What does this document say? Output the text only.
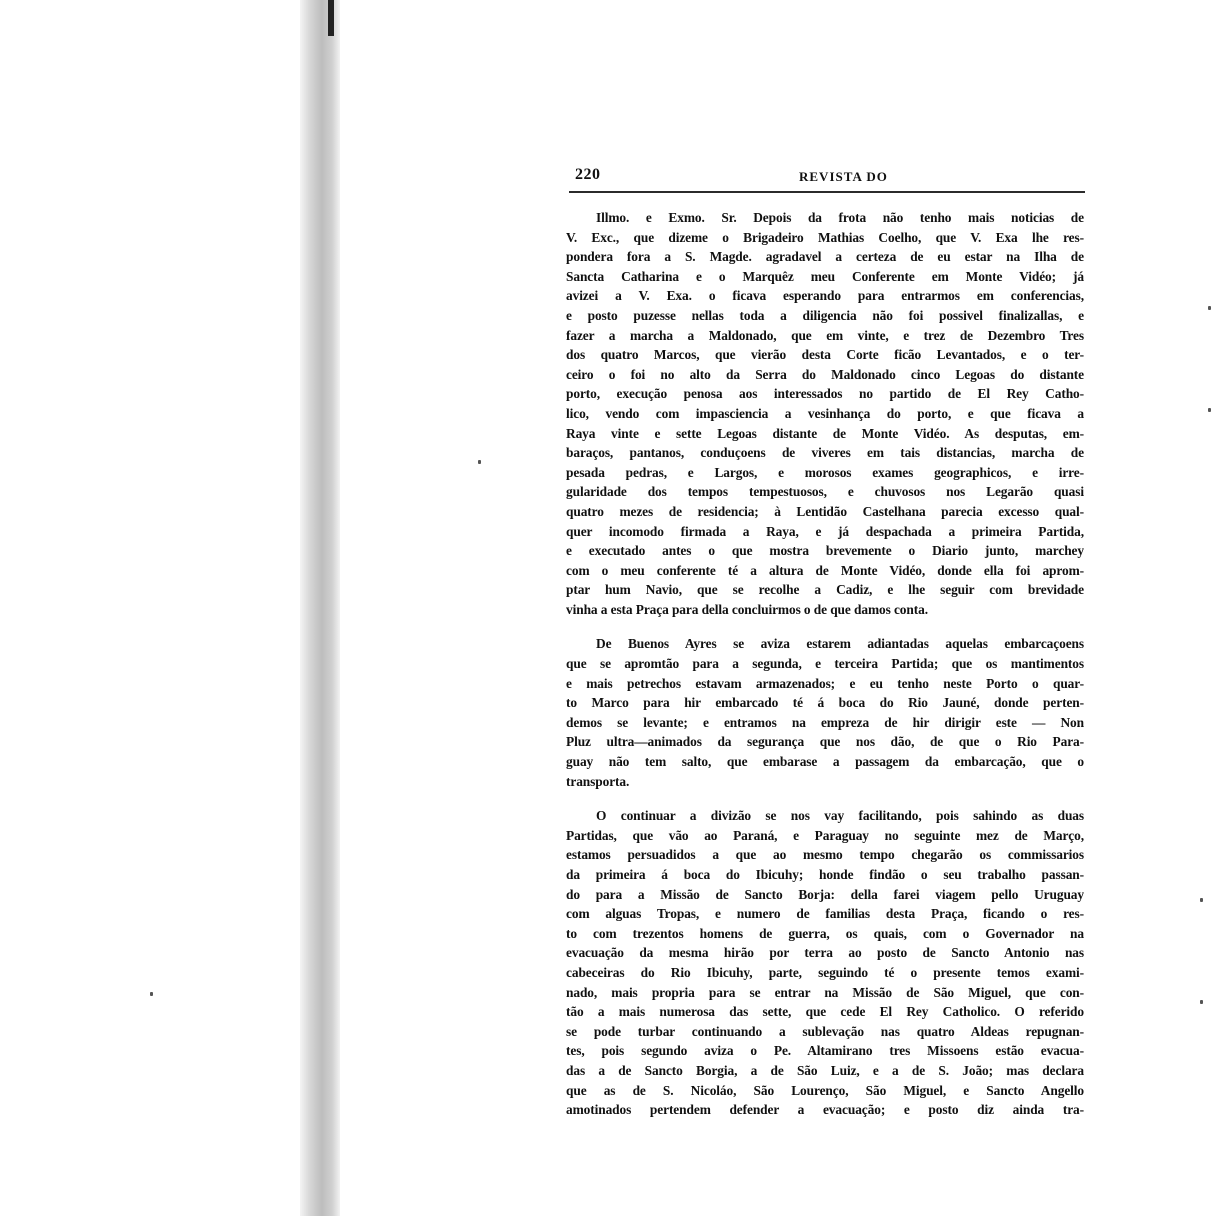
220	REVISTA DO
Illmo. e Exmo. Sr. Depois da frota não tenho mais noticias de
V. Exc., que dizeme o Brigadeiro Mathias Coelho, que V. Exa lhe res-
pondera fora a S. Magde. agradavel a certeza de eu estar na Ilha de
Sancta Catharina e o Marquêz meu Conferente em Monte Vidéo; já
avizei a V. Exa. o ficava esperando para entrarmos em conferencias,
e posto puzesse nellas toda a diligencia não foi possivel finalizallas, e
fazer a marcha a Maldonado, que em vinte, e trez de Dezembro Tres
dos quatro Marcos, que vierão desta Corte ficão Levantados, e o ter-
ceiro o foi no alto da Serra do Maldonado cinco Legoas do distante
porto, execução penosa aos interessados no partido de El Rey Catho-
lico, vendo com impasciencia a vesinhança do porto, e que ficava a
Raya vinte e sette Legoas distante de Monte Vidéo. As desputas, em-
baraços, pantanos, conduçoens de viveres em tais distancias, marcha de
pesada pedras, e Largos, e morosos exames geographicos, e irre-
gularidade dos tempos tempestuosos, e chuvosos nos Legarão quasi
quatro mezes de residencia; à Lentidão Castelhana parecia excesso qual-
quer incomodo firmada a Raya, e já despachada a primeira Partida,
e executado antes o que mostra brevemente o Diario junto, marchey
com o meu conferente té a altura de Monte Vidéo, donde ella foi aprom-
ptar hum Navio, que se recolhe a Cadiz, e lhe seguir com brevidade
vinha a esta Praça para della concluirmos o de que damos conta.
De Buenos Ayres se aviza estarem adiantadas aquelas embarcaçoens
que se apromtão para a segunda, e terceira Partida; que os mantimentos
e mais petrechos estavam armazenados; e eu tenho neste Porto o quar-
to Marco para hir embarcado té á boca do Rio Jauné, donde perten-
demos se levante; e entramos na empreza de hir dirigir este — Non
Pluz ultra—animados da segurança que nos dão, de que o Rio Para-
guay não tem salto, que embarase a passagem da embarcação, que o
transporta.
O continuar a divizão se nos vay facilitando, pois sahindo as duas
Partidas, que vão ao Paraná, e Paraguay no seguinte mez de Março,
estamos persuadidos a que ao mesmo tempo chegarão os commissarios
da primeira á boca do Ibicuhy; honde findão o seu trabalho passan-
do para a Missão de Sancto Borja: della farei viagem pello Uruguay
com alguas Tropas, e numero de familias desta Praça, ficando o res-
to com trezentos homens de guerra, os quais, com o Governador na
evacuação da mesma hirão por terra ao posto de Sancto Antonio nas
cabeceiras do Rio Ibicuhy, parte, seguindo té o presente temos exami-
nado, mais propria para se entrar na Missão de São Miguel, que con-
tão a mais numerosa das sette, que cede El Rey Catholico. O referido
se pode turbar continuando a sublevação nas quatro Aldeas repugnan-
tes, pois segundo aviza o Pe. Altamirano tres Missoens estão evacua-
das a de Sancto Borgia, a de São Luiz, e a de S. João; mas declara
que as de S. Nicoláo, São Lourenço, São Miguel, e Sancto Angello
amotinados pertendem defender a evacuação; e posto diz ainda tra-
